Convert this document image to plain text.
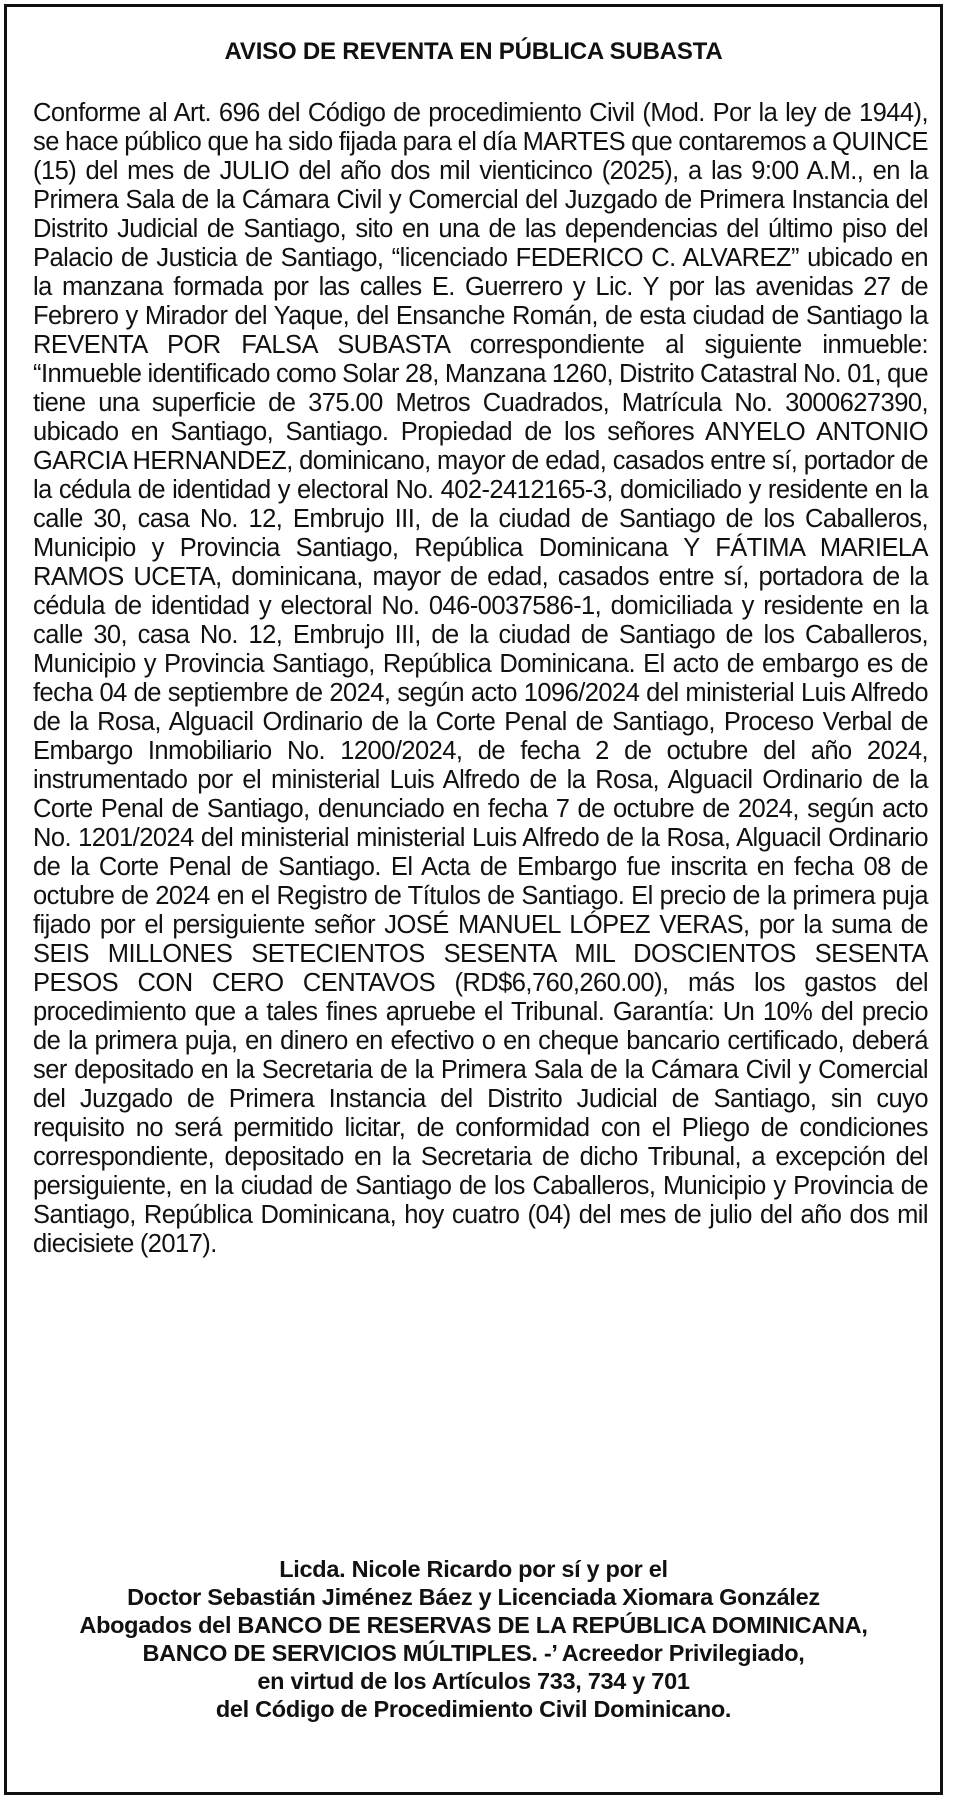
AVISO DE REVENTA EN PÚBLICA SUBASTA

Conforme al Art. 696 del Código de procedimiento Civil (Mod. Por la ley de 1944), se hace público que ha sido fijada para el día MARTES que contaremos a QUINCE (15) del mes de JULIO del año dos mil vienticinco (2025), a las 9:00 A.M., en la Primera Sala de la Cámara Civil y Comercial del Juzgado de Primera Instancia del Distrito Judicial de Santiago, sito en una de las dependencias del último piso del Palacio de Justicia de Santiago, “licenciado FEDERICO C. ALVAREZ” ubicado en la manzana formada por las calles E. Guerrero y Lic. Y por las avenidas 27 de Febrero y Mirador del Yaque, del Ensanche Román, de esta ciudad de Santiago la REVENTA POR FALSA SUBASTA correspondiente al siguiente inmueble: “Inmueble identificado como Solar 28, Manzana 1260, Distrito Catastral No. 01, que tiene una superficie de 375.00 Metros Cuadrados, Matrícula No. 3000627390, ubicado en Santiago, Santiago. Propiedad de los señores ANYELO ANTONIO GARCIA HERNANDEZ, dominicano, mayor de edad, casados entre sí, portador de la cédula de identidad y electoral No. 402-2412165-3, domiciliado y residente en la calle 30, casa No. 12, Embrujo III, de la ciudad de Santiago de los Caballeros, Municipio y Provincia Santiago, República Dominicana Y FÁTIMA MARIELA RAMOS UCETA, dominicana, mayor de edad, casados entre sí, portadora de la cédula de identidad y electoral No. 046-0037586-1, domiciliada y residente en la calle 30, casa No. 12, Embrujo III, de la ciudad de Santiago de los Caballeros, Municipio y Provincia Santiago, República Dominicana. El acto de embargo es de fecha 04 de septiembre de 2024, según acto 1096/2024 del ministerial Luis Alfredo de la Rosa, Alguacil Ordinario de la Corte Penal de Santiago, Proceso Verbal de Embargo Inmobiliario No. 1200/2024, de fecha 2 de octubre del año 2024, instrumentado por el ministerial Luis Alfredo de la Rosa, Alguacil Ordinario de la Corte Penal de Santiago, denunciado en fecha 7 de octubre de 2024, según acto No. 1201/2024 del ministerial ministerial Luis Alfredo de la Rosa, Alguacil Ordinario de la Corte Penal de Santiago. El Acta de Embargo fue inscrita en fecha 08 de octubre de 2024 en el Registro de Títulos de Santiago. El precio de la primera puja fijado por el persiguiente señor JOSÉ MANUEL LÓPEZ VERAS, por la suma de SEIS MILLONES SETECIENTOS SESENTA MIL DOSCIENTOS SESENTA PESOS CON CERO CENTAVOS (RD$6,760,260.00), más los gastos del procedimiento que a tales fines apruebe el Tribunal. Garantía: Un 10% del precio de la primera puja, en dinero en efectivo o en cheque bancario certificado, deberá ser depositado en la Secretaria de la Primera Sala de la Cámara Civil y Comercial del Juzgado de Primera Instancia del Distrito Judicial de Santiago, sin cuyo requisito no será permitido licitar, de conformidad con el Pliego de condiciones correspondiente, depositado en la Secretaria de dicho Tribunal, a excepción del persiguiente, en la ciudad de Santiago de los Caballeros, Municipio y Provincia de Santiago, República Dominicana, hoy cuatro (04) del mes de julio del año dos mil diecisiete (2017).

Licda. Nicole Ricardo por sí y por el
Doctor Sebastián Jiménez Báez y Licenciada Xiomara González
Abogados del BANCO DE RESERVAS DE LA REPÚBLICA DOMINICANA,
BANCO DE SERVICIOS MÚLTIPLES. -’ Acreedor Privilegiado,
en virtud de los Artículos 733, 734 y 701
del Código de Procedimiento Civil Dominicano.
